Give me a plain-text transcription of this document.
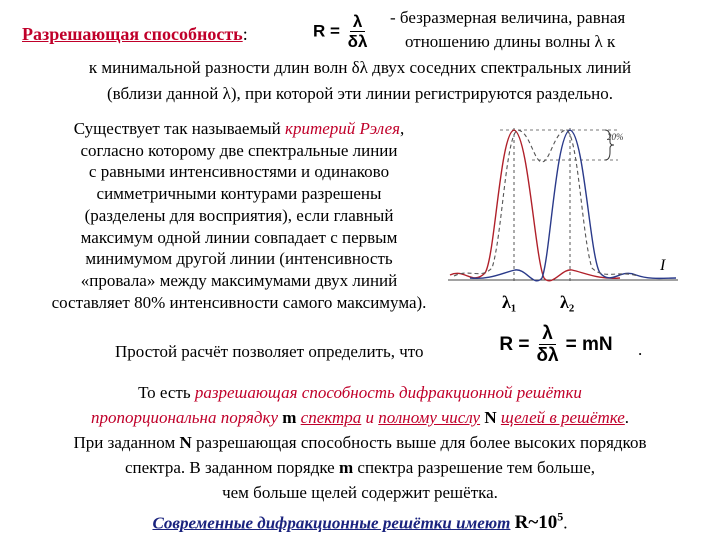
Разрешающая способность:	$R = \frac{\lambda}{\delta\lambda}$ - безразмерная величина, равная
отношению длины волны λ к
к минимальной разности длин волн δλ двух соседних спектральных линий
(вблизи данной λ), при которой эти линии регистрируются раздельно.
Существует так называемый критерий Рэлея,
согласно которому две спектральные линии
с равными интенсивностями и одинаково
симметричными контурами разрешены
(разделены для восприятия), если главный
максимум одной линии совпадает с первым
минимумом другой линии (интенсивность
«провала» между максимумами двух линий
составляет 80% интенсивности самого максимума).
Простой расчёт позволяет определить, что
20%
I
λ₁ λ₂
$R = \frac{\lambda}{\delta\lambda}$ = mN .
То есть разрешающая способность дифракционной решётки
пропорциональна порядку m спектра и полному числу N щелей в решётке.
При заданном N разрешающая способность выше для более высоких порядков
спектра. В заданном порядке m спектра разрешение тем больше,
чем больше щелей содержит решётка.
Современные дифракционные решётки имеют $R\sim 10^5$.
